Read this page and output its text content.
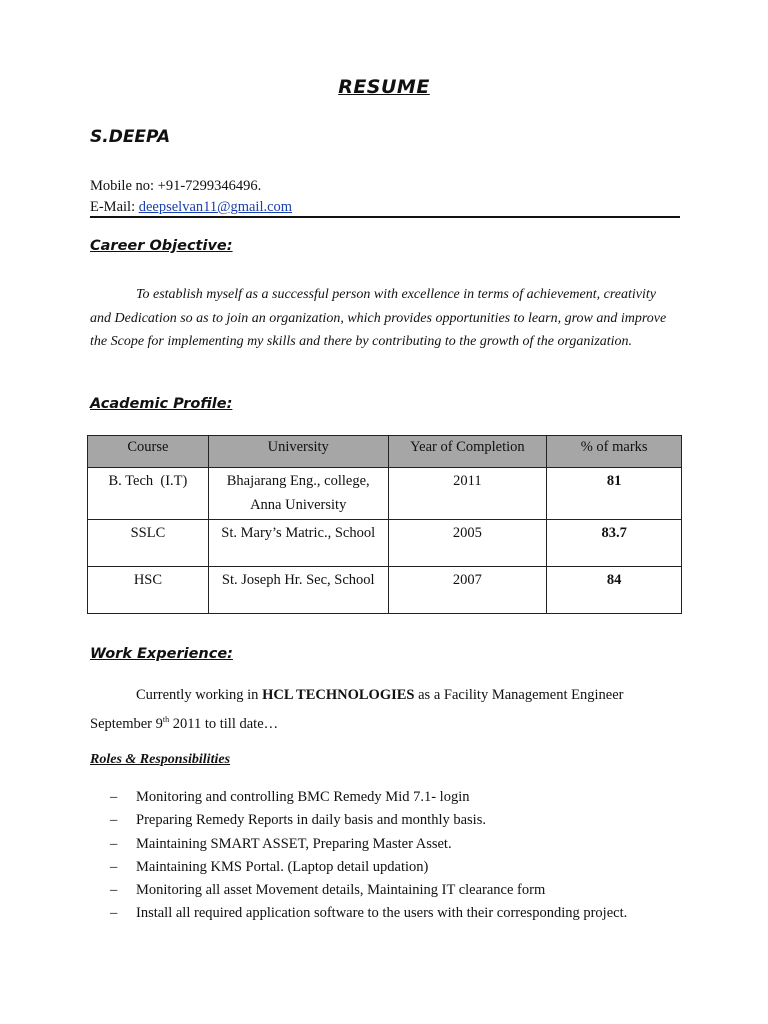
RESUME
S.DEEPA
Mobile no: +91-7299346496.
E-Mail: deepselvan11@gmail.com
Career Objective:

To establish myself as a successful person with excellence in terms of achievement, creativity and Dedication so as to join an organization, which provides opportunities to learn, grow and improve the Scope for implementing my skills and there by contributing to the growth of the organization.

Academic Profile:
Course	University	Year of Completion	% of marks
B. Tech  (I.T)	Bhajarang Eng., college, Anna University	2011	81
SSLC	St. Mary’s Matric., School	2005	83.7
HSC	St. Joseph Hr. Sec, School	2007	84
Work Experience:

Currently working in HCL TECHNOLOGIES as a Facility Management Engineer September 9th 2011 to till date…

Roles & Responsibilities
– Monitoring and controlling BMC Remedy Mid 7.1- login
– Preparing Remedy Reports in daily basis and monthly basis.
– Maintaining SMART ASSET, Preparing Master Asset.
– Maintaining KMS Portal. (Laptop detail updation)
– Monitoring all asset Movement details, Maintaining IT clearance form
– Install all required application software to the users with their corresponding project.
